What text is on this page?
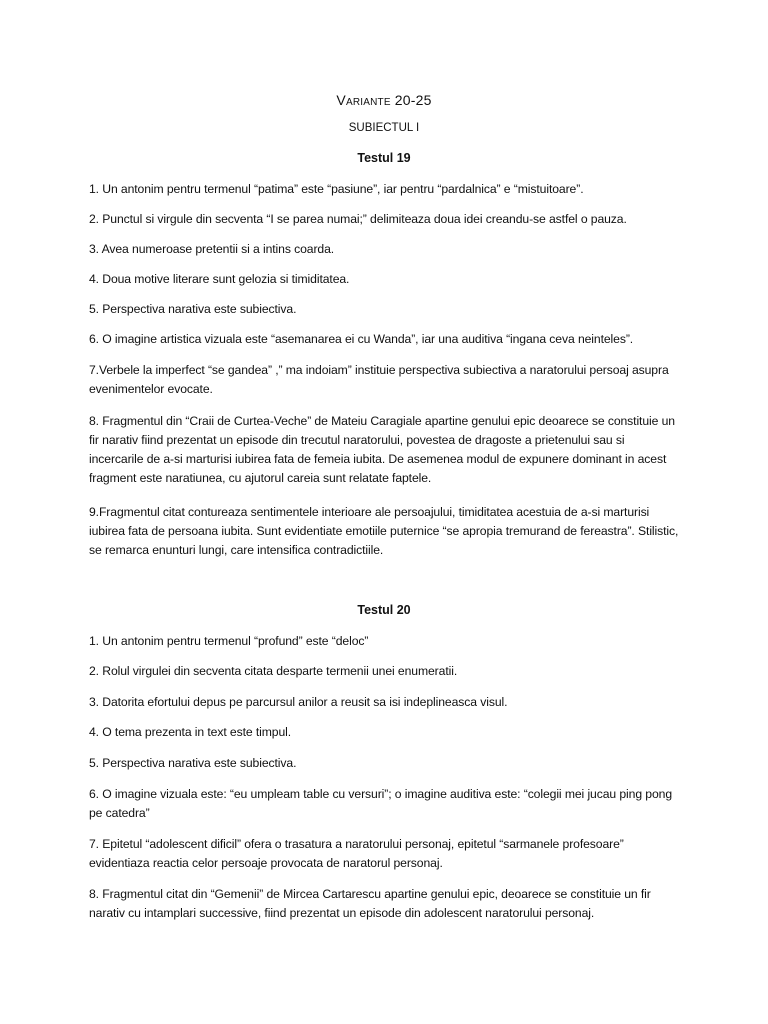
Variante 20-25
SUBIECTUL I
Testul 19

1. Un antonim pentru termenul “patima” este “pasiune”, iar pentru “pardalnica” e “mistuitoare”.

2. Punctul si virgule din secventa “I se parea numai;” delimiteaza doua idei creandu-se astfel o pauza.

3. Avea numeroase pretentii si a intins coarda.

4. Doua motive literare sunt gelozia si timiditatea.

5. Perspectiva narativa este subiectiva.

6. O imagine artistica vizuala este “asemanarea ei cu Wanda”, iar una auditiva “ingana ceva neinteles”.

7.Verbele la imperfect “se gandea” ,” ma indoiam” instituie perspectiva subiectiva a naratorului persoaj asupra evenimentelor evocate.

8. Fragmentul din “Craii de Curtea-Veche” de Mateiu Caragiale apartine genului epic deoarece se constituie un fir narativ fiind prezentat un episode din trecutul naratorului, povestea de dragoste a prietenului sau si incercarile de a-si marturisi iubirea fata de femeia iubita. De asemenea modul de expunere dominant in acest fragment este naratiunea, cu ajutorul careia sunt relatate faptele.

9.Fragmentul citat contureaza sentimentele interioare ale persoajului, timiditatea acestuia de a-si marturisi iubirea fata de persoana iubita. Sunt evidentiate emotiile puternice “se apropia tremurand de fereastra”. Stilistic, se remarca enunturi lungi, care intensifica contradictiile.

Testul 20

1. Un antonim pentru termenul “profund” este “deloc”

2. Rolul virgulei din secventa citata desparte termenii unei enumeratii.

3. Datorita efortului depus pe parcursul anilor a reusit sa isi indeplineasca visul.

4. O tema prezenta in text este timpul.

5. Perspectiva narativa este subiectiva.

6. O imagine vizuala este: “eu umpleam table cu versuri”; o imagine auditiva este: “colegii mei jucau ping pong pe catedra”

7. Epitetul “adolescent dificil” ofera o trasatura a naratorului personaj, epitetul “sarmanele profesoare” evidentiaza reactia celor persoaje provocata de naratorul personaj.

8. Fragmentul citat din “Gemenii” de Mircea Cartarescu apartine genului epic, deoarece se constituie un fir narativ cu intamplari successive, fiind prezentat un episode din adolescent naratorului personaj.
